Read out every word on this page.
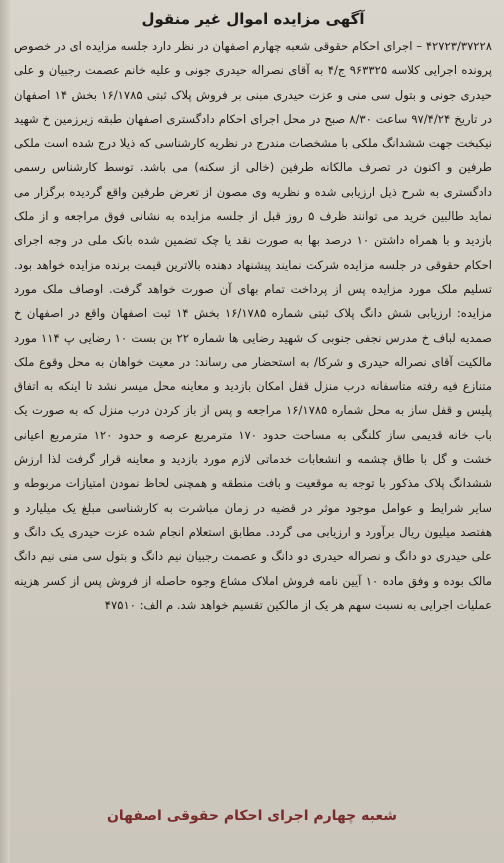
آگهی مزایده اموال غیر منقول

۴۲۷۲۳/۳۷۲۲۸ – اجرای احکام حقوقی شعبه چهارم اصفهان در نظر دارد جلسه مزایده ای در خصوص پرونده اجرایی کلاسه ۹۶۳۳۲۵ ج/۴ به آقای نصراله حیدری جونی و علیه خانم عصمت رجبیان و علی حیدری جونی و بتول سی منی و عزت حیدری مبنی بر فروش پلاک ثبتی ۱۶/۱۷۸۵ بخش ۱۴ اصفهان در تاریخ ۹۷/۴/۲۴ ساعت ۸/۳۰ صبح در محل اجرای احکام دادگستری اصفهان طبقه زیرزمین خ شهید نیکبخت جهت ششدانگ ملکی با مشخصات مندرج در نظریه کارشناسی که ذیلا درج شده است ملکی طرفین و اکنون در تصرف مالکانه طرفین (خالی از سکنه) می باشد. توسط کارشناس رسمی دادگستری به شرح ذیل ارزیابی شده و نظریه وی مصون از تعرض طرفین واقع گردیده برگزار می نماید طالبین خرید می توانند ظرف ۵ روز قبل از جلسه مزایده به نشانی فوق مراجعه و از ملک بازدید و با همراه داشتن ۱۰ درصد بها به صورت نقد یا چک تضمین شده بانک ملی در وجه اجرای احکام حقوقی در جلسه مزایده شرکت نمایند پیشنهاد دهنده بالاترین قیمت برنده مزایده خواهد بود. تسلیم ملک مورد مزایده پس از پرداخت تمام بهای آن صورت خواهد گرفت. اوصاف ملک مورد مزایده: ارزیابی شش دانگ پلاک ثبتی شماره ۱۶/۱۷۸۵ بخش ۱۴ ثبت اصفهان واقع در اصفهان خ صمدیه لباف خ مدرس نجفی جنوبی ک شهید رضایی ها شماره ۲۲ بن بست ۱۰ رضایی پ ۱۱۴ مورد مالکیت آقای نصراله حیدری و شرکا/ به استحضار می رساند: در معیت خواهان به محل وقوع ملک متنازع فیه رفته متاسفانه درب منزل قفل امکان بازدید و معاینه محل میسر نشد تا اینکه به اتفاق پلیس و قفل ساز به محل شماره ۱۶/۱۷۸۵ مراجعه و پس از باز کردن درب منزل که به صورت یک باب خانه قدیمی ساز کلنگی به مساحت حدود ۱۷۰ مترمربع عرصه و حدود ۱۲۰ مترمربع اعیانی خشت و گل با طاق چشمه و انشعابات خدماتی لازم مورد بازدید و معاینه قرار گرفت لذا ارزش ششدانگ پلاک مذکور با توجه به موقعیت و بافت منطقه و همچنی لحاظ نمودن امتیازات مربوطه و سایر شرایط و عوامل موجود موثر در قضیه در زمان مباشرت به کارشناسی مبلغ یک میلیارد و هفتصد میلیون ریال برآورد و ارزیابی می گردد. مطابق استعلام انجام شده عزت حیدری یک دانگ و علی حیدری دو دانگ و نصراله حیدری دو دانگ و عصمت رجبیان نیم دانگ و بتول سی منی نیم دانگ مالک بوده و وفق ماده ۱۰ آیین نامه فروش املاک مشاع وجوه حاصله از فروش پس از کسر هزینه عملیات اجرایی به نسبت سهم هر یک از مالکین تقسیم خواهد شد. م الف: ۴۷۵۱۰

شعبه چهارم اجرای احکام حقوقی اصفهان
